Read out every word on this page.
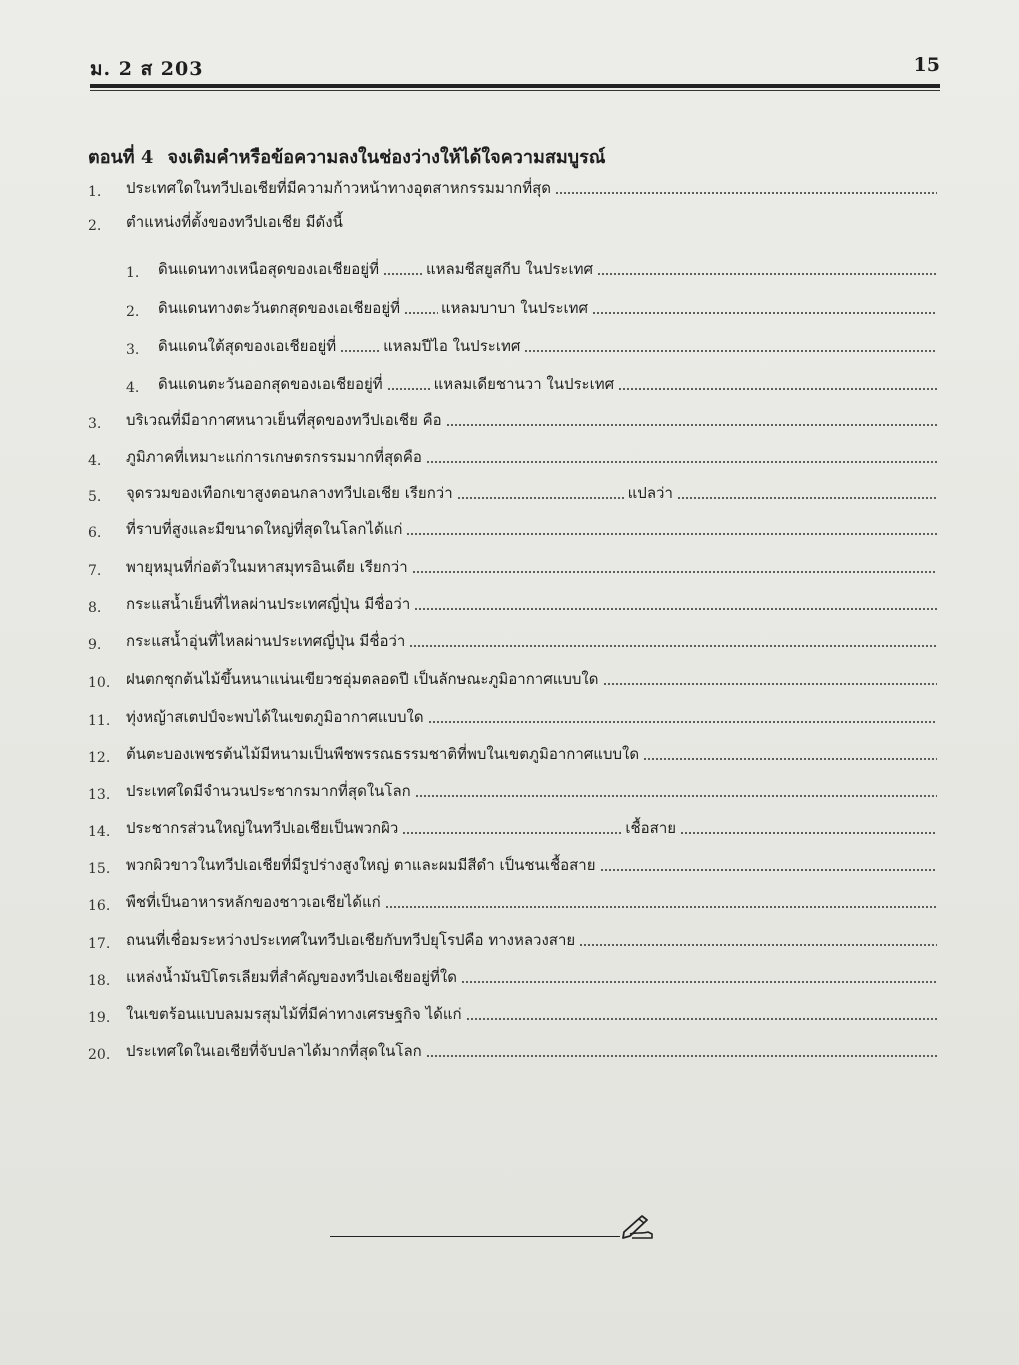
ม. 2 ส 203	15
ตอนที่ 4 จงเติมคำหรือข้อความลงในช่องว่างให้ได้ใจความสมบูรณ์
1.	ประเทศใดในทวีปเอเชียที่มีความก้าวหน้าทางอุตสาหกรรมมากที่สุด
2.	ตำแหน่งที่ตั้งของทวีปเอเชีย มีดังนี้
1.	ดินแดนทางเหนือสุดของเอเชียอยู่ที่	แหลมชีสยูสกีบ ในประเทศ
2.	ดินแดนทางตะวันตกสุดของเอเชียอยู่ที่	แหลมบาบา ในประเทศ
3.	ดินแดนใต้สุดของเอเชียอยู่ที่	แหลมปีไอ ในประเทศ
4.	ดินแดนตะวันออกสุดของเอเชียอยู่ที่	แหลมเดียชานวา ในประเทศ
3.	บริเวณที่มีอากาศหนาวเย็นที่สุดของทวีปเอเชีย คือ
4.	ภูมิภาคที่เหมาะแก่การเกษตรกรรมมากที่สุดคือ
5.	จุดรวมของเทือกเขาสูงตอนกลางทวีปเอเชีย เรียกว่า	แปลว่า
6.	ที่ราบที่สูงและมีขนาดใหญ่ที่สุดในโลกได้แก่
7.	พายุหมุนที่ก่อตัวในมหาสมุทรอินเดีย เรียกว่า
8.	กระแสน้ำเย็นที่ไหลผ่านประเทศญี่ปุ่น มีชื่อว่า
9.	กระแสน้ำอุ่นที่ไหลผ่านประเทศญี่ปุ่น มีชื่อว่า
10.	ฝนตกชุกต้นไม้ขึ้นหนาแน่นเขียวชอุ่มตลอดปี เป็นลักษณะภูมิอากาศแบบใด
11.	ทุ่งหญ้าสเตปป์จะพบได้ในเขตภูมิอากาศแบบใด
12.	ต้นตะบองเพชรต้นไม้มีหนามเป็นพืชพรรณธรรมชาติที่พบในเขตภูมิอากาศแบบใด
13.	ประเทศใดมีจำนวนประชากรมากที่สุดในโลก
14.	ประชากรส่วนใหญ่ในทวีปเอเชียเป็นพวกผิว	เชื้อสาย
15.	พวกผิวขาวในทวีปเอเชียที่มีรูปร่างสูงใหญ่ ตาและผมมีสีดำ เป็นชนเชื้อสาย
16.	พืชที่เป็นอาหารหลักของชาวเอเชียได้แก่
17.	ถนนที่เชื่อมระหว่างประเทศในทวีปเอเชียกับทวีปยุโรปคือ ทางหลวงสาย
18.	แหล่งน้ำมันปิโตรเลียมที่สำคัญของทวีปเอเชียอยู่ที่ใด
19.	ในเขตร้อนแบบลมมรสุมไม้ที่มีค่าทางเศรษฐกิจ ได้แก่
20.	ประเทศใดในเอเชียที่จับปลาได้มากที่สุดในโลก
